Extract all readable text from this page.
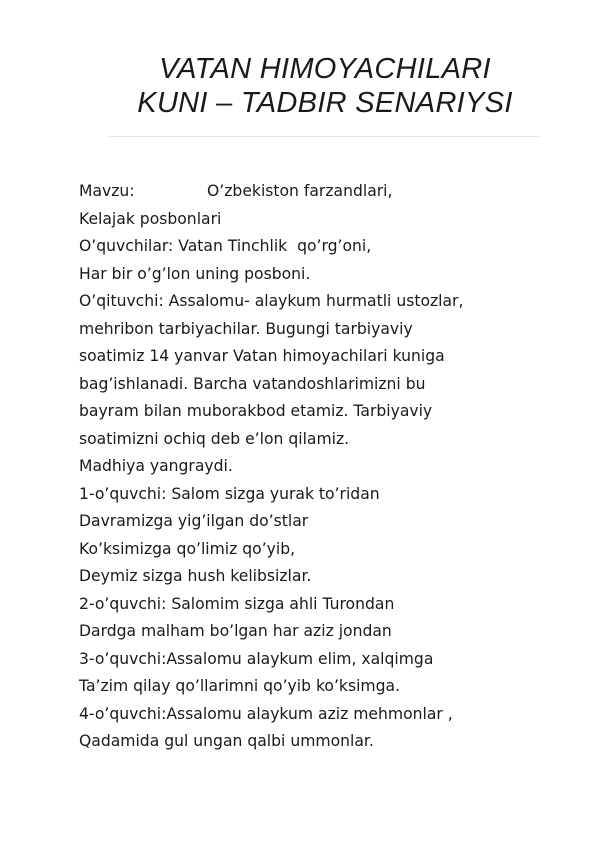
VATAN HIMOYACHILARI
KUNI – TADBIR SENARIYSI
Mavzu:	O’zbekiston farzandlari,
Kelajak posbonlari
O’quvchilar: Vatan Tinchlik  qo’rg’oni,
Har bir o’g’lon uning posboni.
O’qituvchi: Assalomu- alaykum hurmatli ustozlar,
mehribon tarbiyachilar. Bugungi tarbiyaviy
soatimiz 14 yanvar Vatan himoyachilari kuniga
bag’ishlanadi. Barcha vatandoshlarimizni bu
bayram bilan muborakbod etamiz. Tarbiyaviy
soatimizni ochiq deb e’lon qilamiz.
Madhiya yangraydi.
1-o’quvchi: Salom sizga yurak to’ridan
Davramizga yig’ilgan do’stlar
Ko’ksimizga qo’limiz qo’yib,
Deymiz sizga hush kelibsizlar.
2-o’quvchi: Salomim sizga ahli Turondan
Dardga malham bo’lgan har aziz jondan
3-o’quvchi:Assalomu alaykum elim, xalqimga
Ta’zim qilay qo’llarimni qo’yib ko’ksimga.
4-o’quvchi:Assalomu alaykum aziz mehmonlar ,
Qadamida gul ungan qalbi ummonlar.
